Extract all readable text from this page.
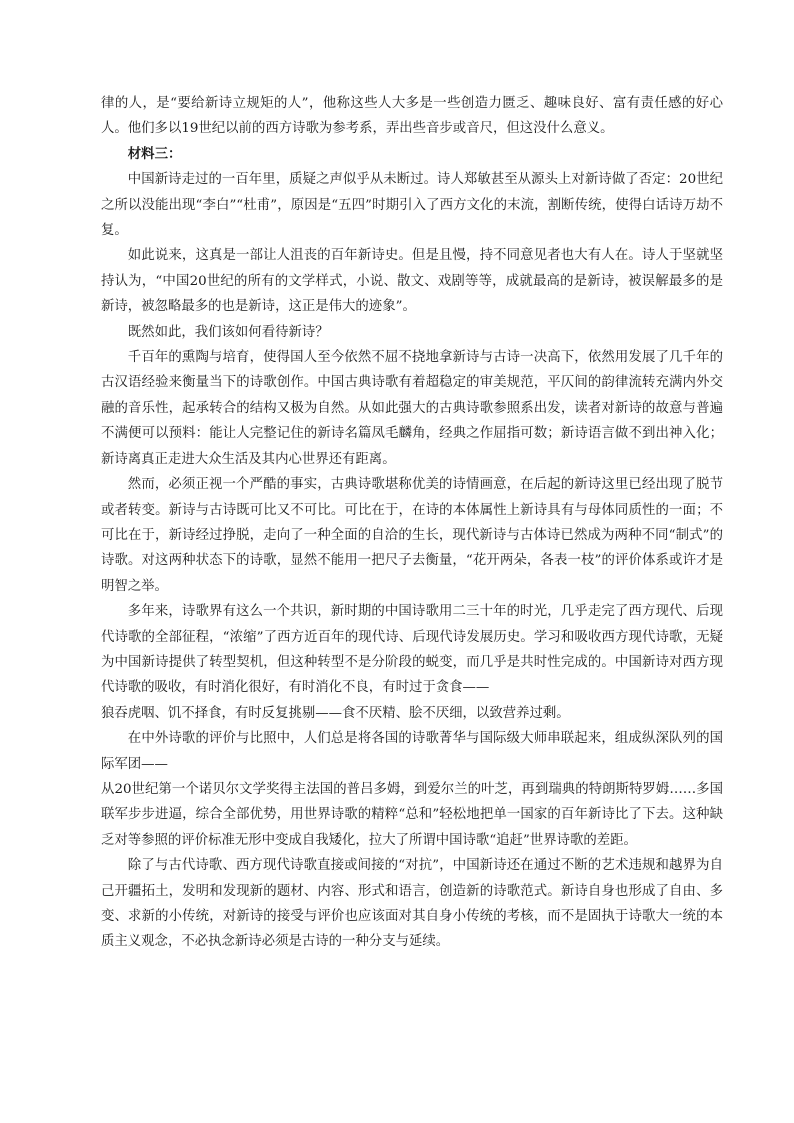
律的人，是“要给新诗立规矩的人”，他称这些人大多是一些创造力匮乏、趣味良好、富有责任感的好心人。他们多以19世纪以前的西方诗歌为参考系，弄出些音步或音尺，但这没什么意义。

材料三：

中国新诗走过的一百年里，质疑之声似乎从未断过。诗人郑敏甚至从源头上对新诗做了否定：20世纪之所以没能出现“李白”“杜甫”，原因是“五四”时期引入了西方文化的末流，割断传统，使得白话诗万劫不复。

如此说来，这真是一部让人沮丧的百年新诗史。但是且慢，持不同意见者也大有人在。诗人于坚就坚持认为，“中国20世纪的所有的文学样式，小说、散文、戏剧等等，成就最高的是新诗，被误解最多的是新诗，被忽略最多的也是新诗，这正是伟大的迹象”。

既然如此，我们该如何看待新诗？

千百年的熏陶与培育，使得国人至今依然不屈不挠地拿新诗与古诗一决高下，依然用发展了几千年的古汉语经验来衡量当下的诗歌创作。中国古典诗歌有着超稳定的审美规范，平仄间的韵律流转充满内外交融的音乐性，起承转合的结构又极为自然。从如此强大的古典诗歌参照系出发，读者对新诗的故意与普遍不满便可以预料：能让人完整记住的新诗名篇凤毛麟角，经典之作屈指可数；新诗语言做不到出神入化；新诗离真正走进大众生活及其内心世界还有距离。

然而，必须正视一个严酷的事实，古典诗歌堪称优美的诗情画意，在后起的新诗这里已经出现了脱节或者转变。新诗与古诗既可比又不可比。可比在于，在诗的本体属性上新诗具有与母体同质性的一面；不可比在于，新诗经过挣脱，走向了一种全面的自洽的生长，现代新诗与古体诗已然成为两种不同“制式”的诗歌。对这两种状态下的诗歌，显然不能用一把尺子去衡量，“花开两朵，各表一枝”的评价体系或许才是明智之举。

多年来，诗歌界有这么一个共识，新时期的中国诗歌用二三十年的时光，几乎走完了西方现代、后现代诗歌的全部征程，“浓缩”了西方近百年的现代诗、后现代诗发展历史。学习和吸收西方现代诗歌，无疑为中国新诗提供了转型契机，但这种转型不是分阶段的蜕变，而几乎是共时性完成的。中国新诗对西方现代诗歌的吸收，有时消化很好，有时消化不良，有时过于贪食——

狼吞虎咽、饥不择食，有时反复挑剔——食不厌精、脍不厌细，以致营养过剩。

在中外诗歌的评价与比照中，人们总是将各国的诗歌菁华与国际级大师串联起来，组成纵深队列的国际军团——

从20世纪第一个诺贝尔文学奖得主法国的普吕多姆，到爱尔兰的叶芝，再到瑞典的特朗斯特罗姆……多国联军步步进逼，综合全部优势，用世界诗歌的精粹“总和”轻松地把单一国家的百年新诗比了下去。这种缺乏对等参照的评价标准无形中变成自我矮化，拉大了所谓中国诗歌“追赶”世界诗歌的差距。

除了与古代诗歌、西方现代诗歌直接或间接的“对抗”，中国新诗还在通过不断的艺术违规和越界为自己开疆拓土，发明和发现新的题材、内容、形式和语言，创造新的诗歌范式。新诗自身也形成了自由、多变、求新的小传统，对新诗的接受与评价也应该面对其自身小传统的考核，而不是固执于诗歌大一统的本质主义观念，不必执念新诗必须是古诗的一种分支与延续。
